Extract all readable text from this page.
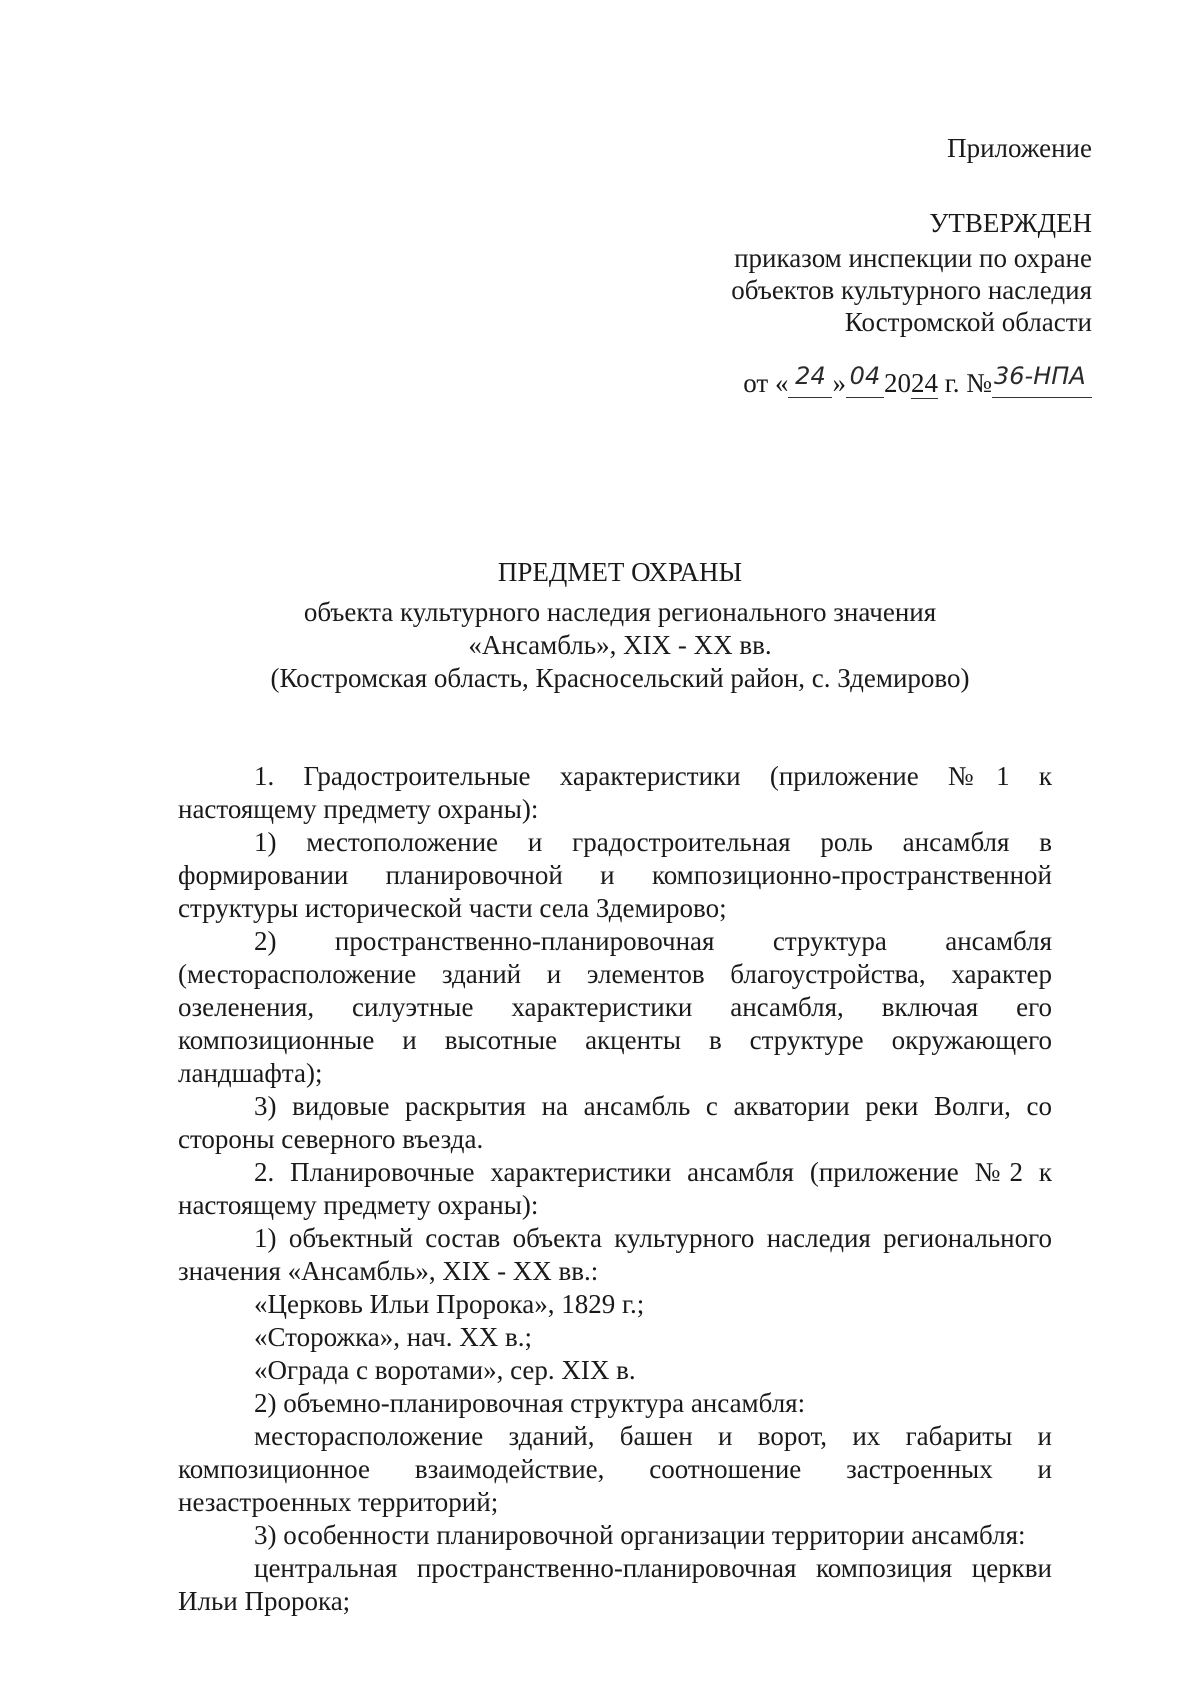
Приложение
УТВЕРЖДЕН
приказом инспекции по охране
объектов культурного наследия
Костромской области
от « 24 » 04 2024 г. №36-НПА
ПРЕДМЕТ ОХРАНЫ
объекта культурного наследия регионального значения
«Ансамбль», XIX - XX вв.
(Костромская область, Красносельский район, с. Здемирово)

1. Градостроительные характеристики (приложение №1 к настоящему предмету охраны):

1) местоположение и градостроительная роль ансамбля в формировании планировочной и композиционно-пространственной структуры исторической части села Здемирово;

2) пространственно-планировочная структура ансамбля (месторасположение зданий и элементов благоустройства, характер озеленения, силуэтные характеристики ансамбля, включая его композиционные и высотные акценты в структуре окружающего ландшафта);

3) видовые раскрытия на ансамбль с акватории реки Волги, со стороны северного въезда.

2. Планировочные характеристики ансамбля (приложение №2 к настоящему предмету охраны):

1) объектный состав объекта культурного наследия регионального значения «Ансамбль», XIX - XX вв.:

«Церковь Ильи Пророка», 1829 г.;

«Сторожка», нач. XX в.;

«Ограда с воротами», сер. XIX в.

2) объемно-планировочная структура ансамбля:

месторасположение зданий, башен и ворот, их габариты и композиционное взаимодействие, соотношение застроенных и незастроенных территорий;

3) особенности планировочной организации территории ансамбля:

центральная пространственно-планировочная композиция церкви Ильи Пророка;
